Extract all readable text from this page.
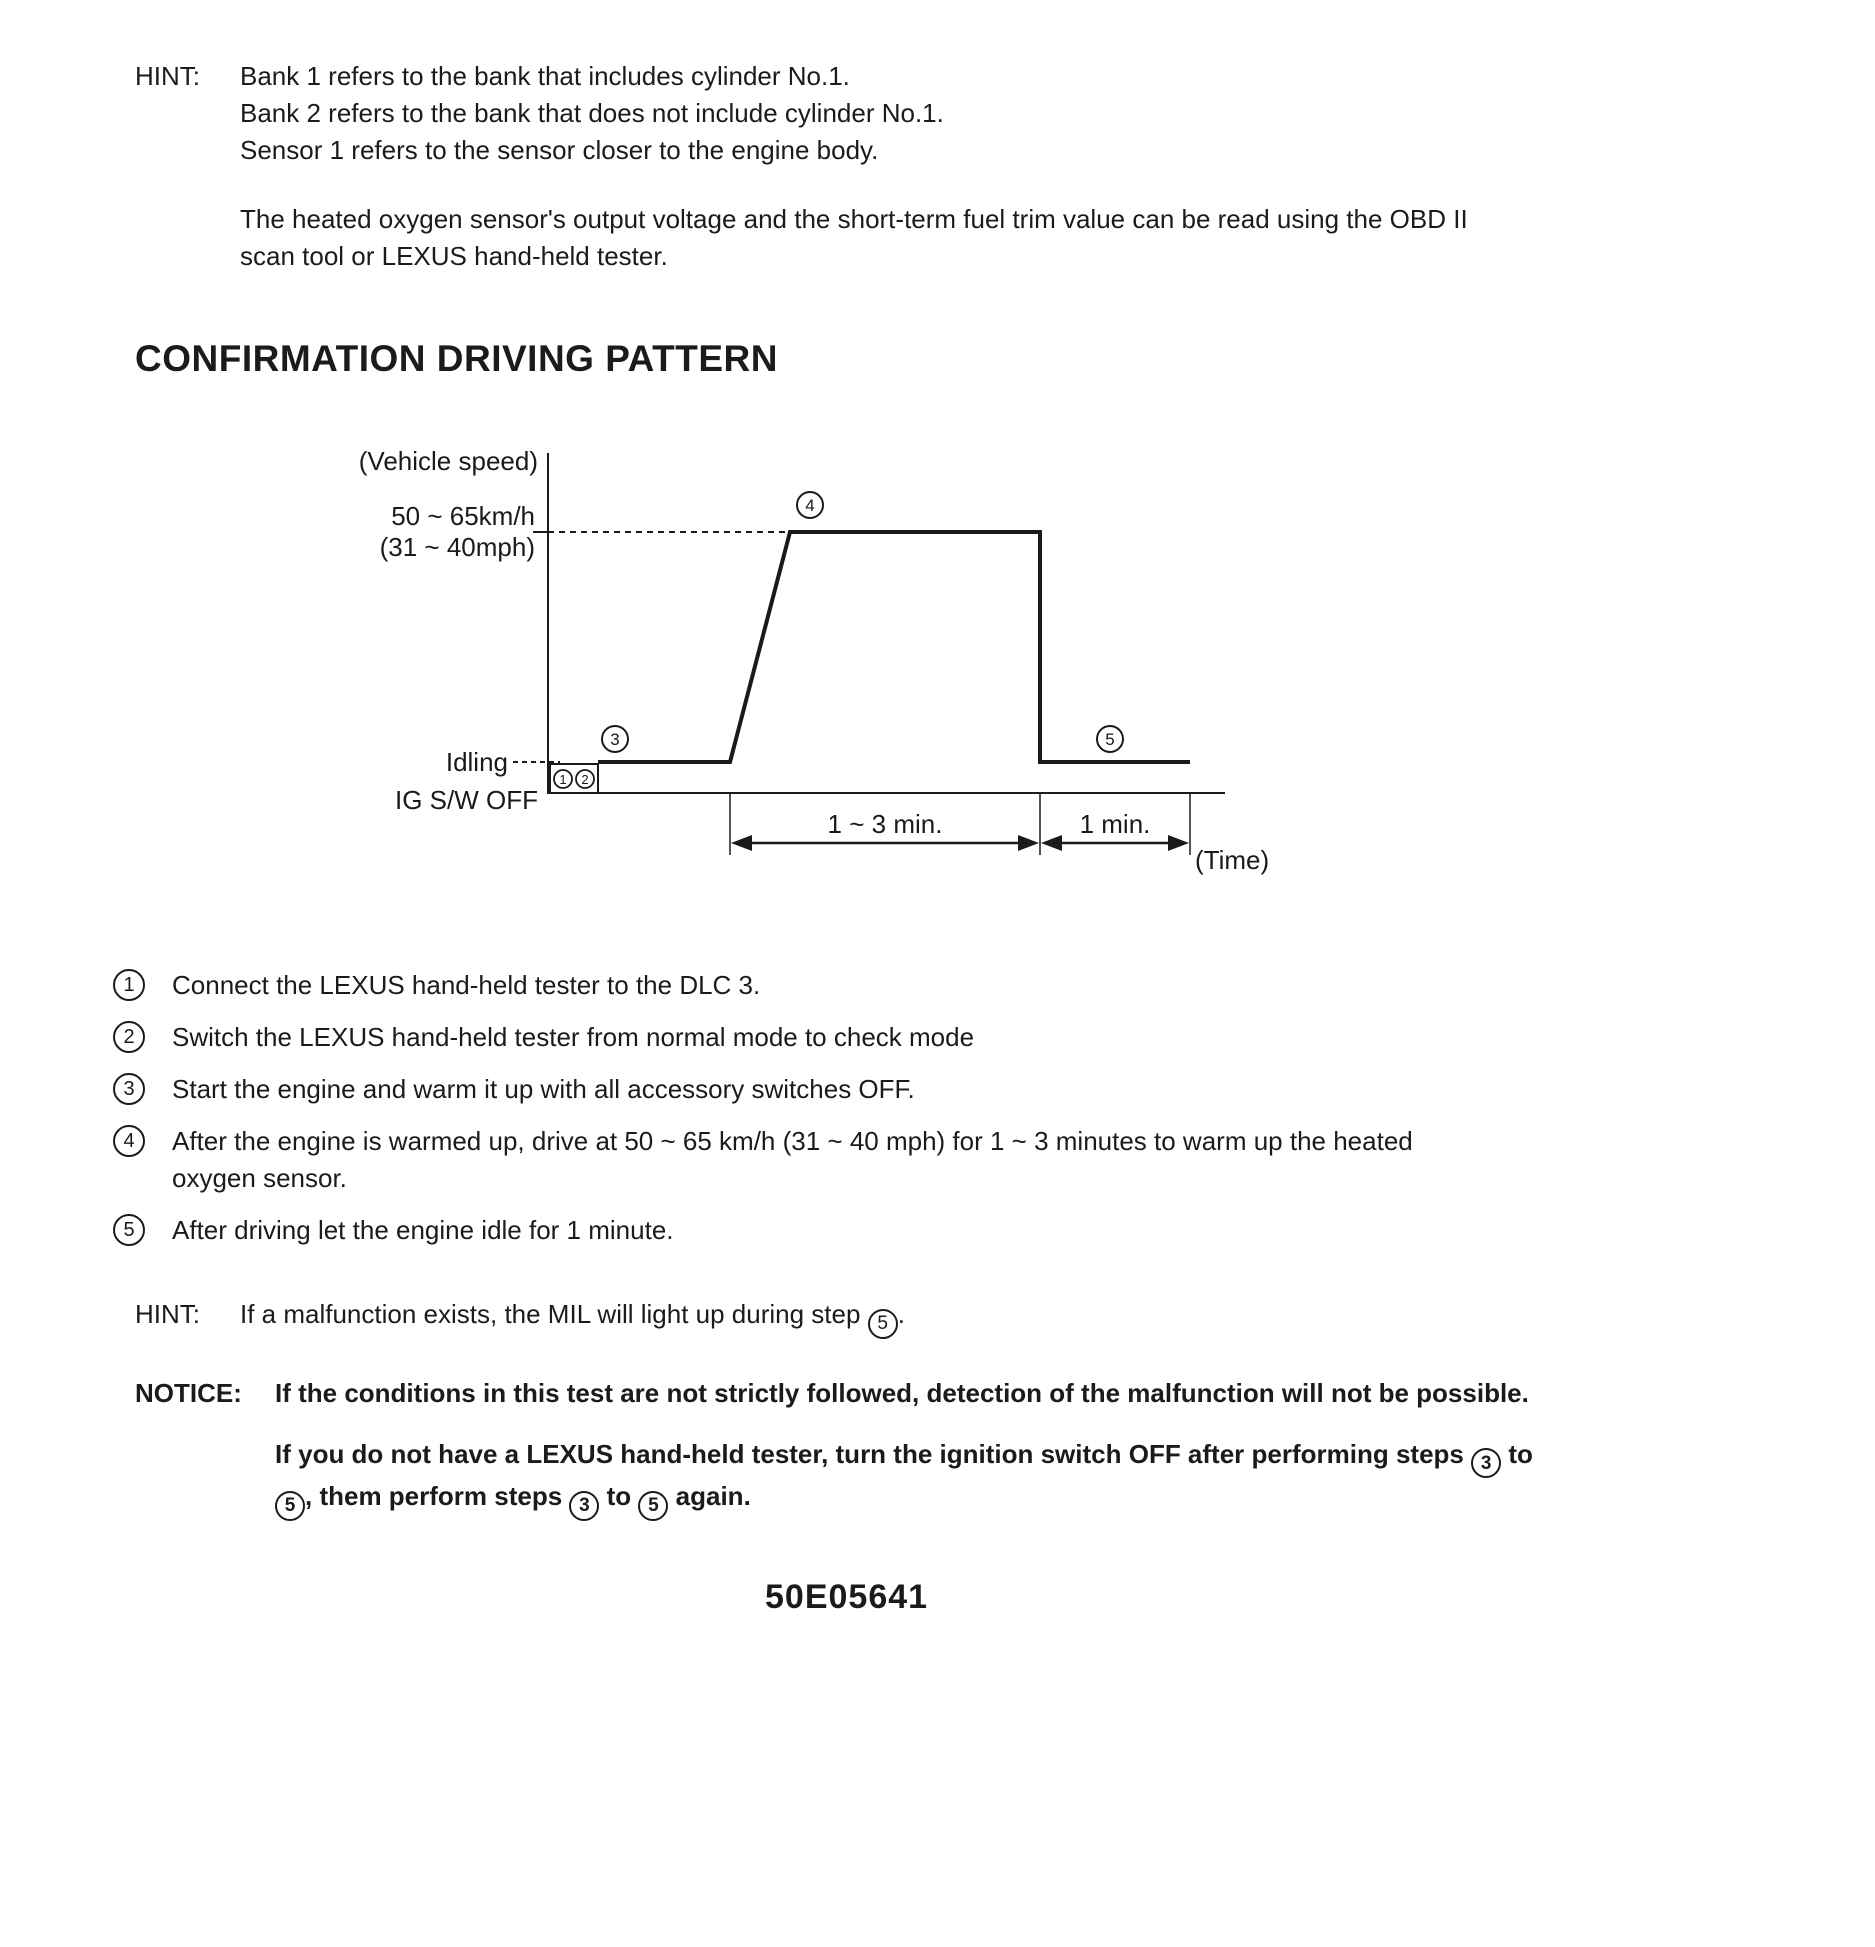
HINT:	Bank 1 refers to the bank that includes cylinder No.1.
Bank 2 refers to the bank that does not include cylinder No.1.
Sensor 1 refers to the sensor closer to the engine body.

The heated oxygen sensor's output voltage and the short-term fuel trim value can be read using the OBD II scan tool or LEXUS hand-held tester.

CONFIRMATION DRIVING PATTERN
(Vehicle speed)
50 ~ 65km/h
(31 ~ 40mph)
Idling
IG S/W OFF
1 2
3
4
5
1 ~ 3 min.	1 min.
(Time)
1 Connect the LEXUS hand-held tester to the DLC 3.
2 Switch the LEXUS hand-held tester from normal mode to check mode
3 Start the engine and warm it up with all accessory switches OFF.
4 After the engine is warmed up, drive at 50 ~ 65 km/h (31 ~ 40 mph) for 1 ~ 3 minutes to warm up the heated oxygen sensor.
5 After driving let the engine idle for 1 minute.
HINT:	If a malfunction exists, the MIL will light up during step 5 .
NOTICE:	If the conditions in this test are not strictly followed, detection of the malfunction will not be possible.

If you do not have a LEXUS hand-held tester, turn the ignition switch OFF after performing steps 3 to
5 , them perform steps 3 to 5 again.

50E05641
